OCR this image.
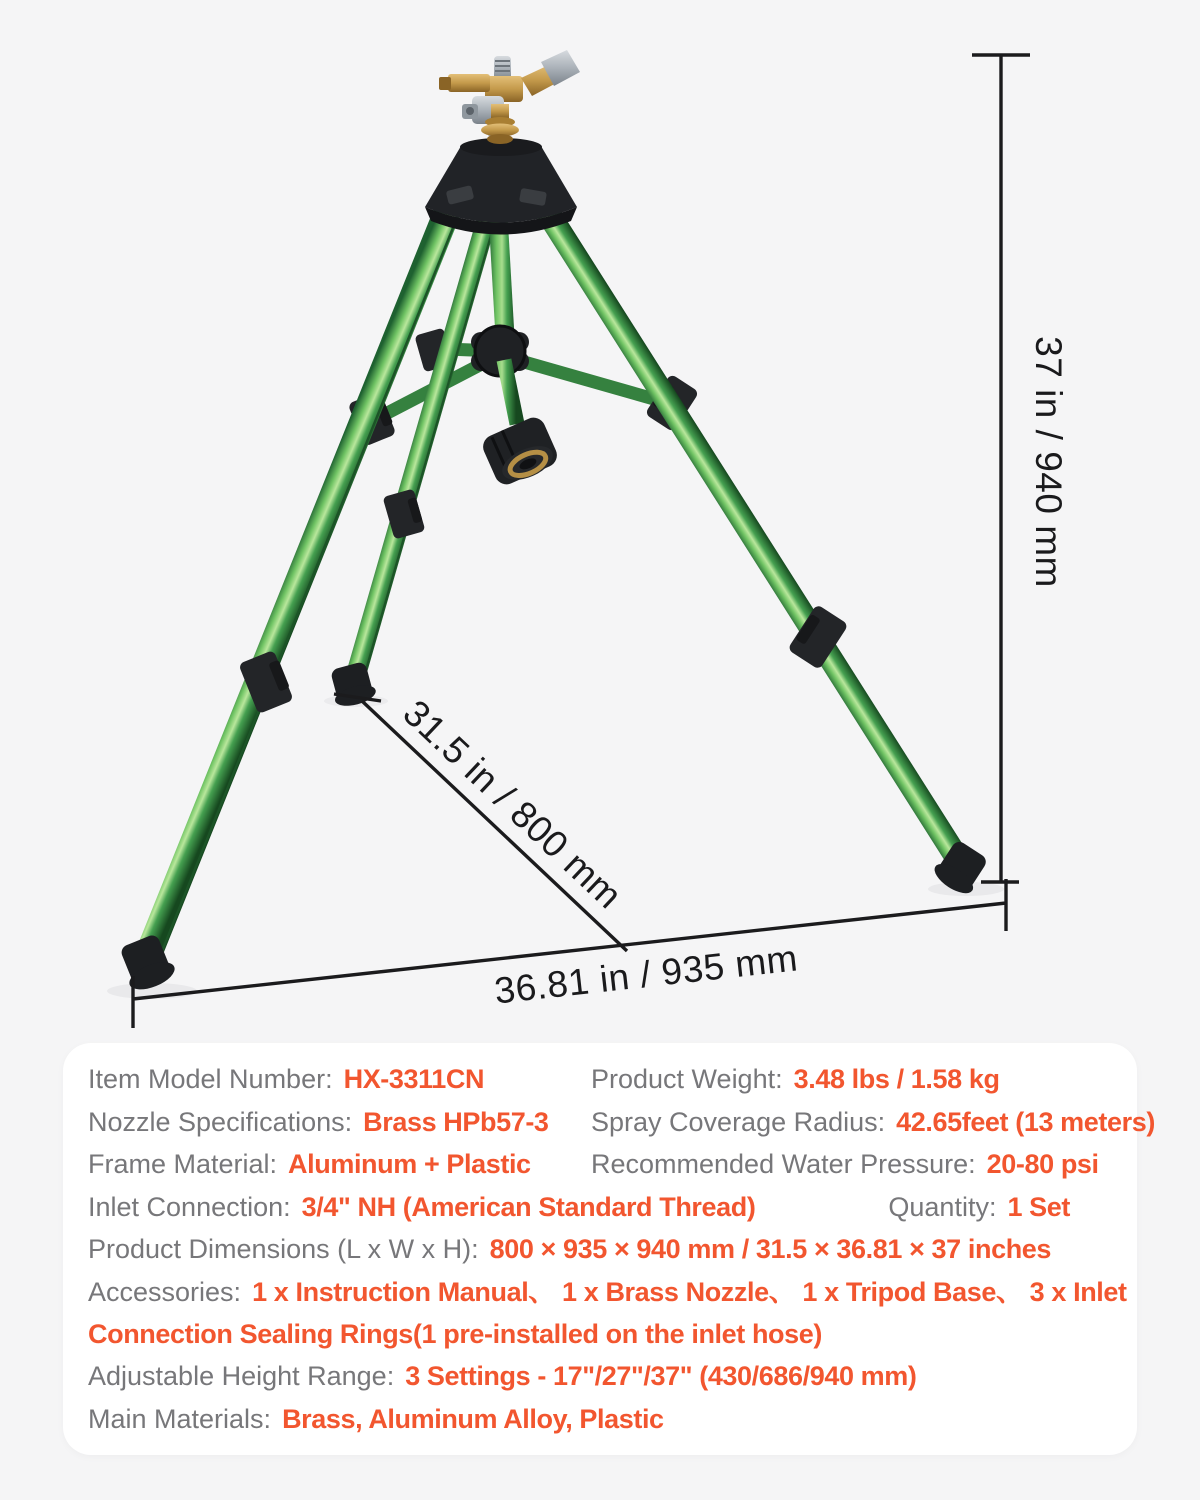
37 in / 940 mm
31.5 in / 800 mm
36.81 in / 935 mm
Item Model Number: HX-3311CN	Product Weight: 3.48 lbs / 1.58 kg
Nozzle Specifications: Brass HPb57-3	Spray Coverage Radius: 42.65feet (13 meters)
Frame Material: Aluminum + Plastic	Recommended Water Pressure: 20-80 psi
Inlet Connection: 3/4" NH (American Standard Thread)	Quantity: 1 Set
Product Dimensions (L x W x H): 800 × 935 × 940 mm / 31.5 × 36.81 × 37 inches
Accessories: 1 x Instruction Manual、 1 x Brass Nozzle、 1 x Tripod Base、 3 x Inlet
Connection Sealing Rings(1 pre-installed on the inlet hose)
Adjustable Height Range: 3 Settings - 17"/27"/37" (430/686/940 mm)
Main Materials: Brass, Aluminum Alloy, Plastic
